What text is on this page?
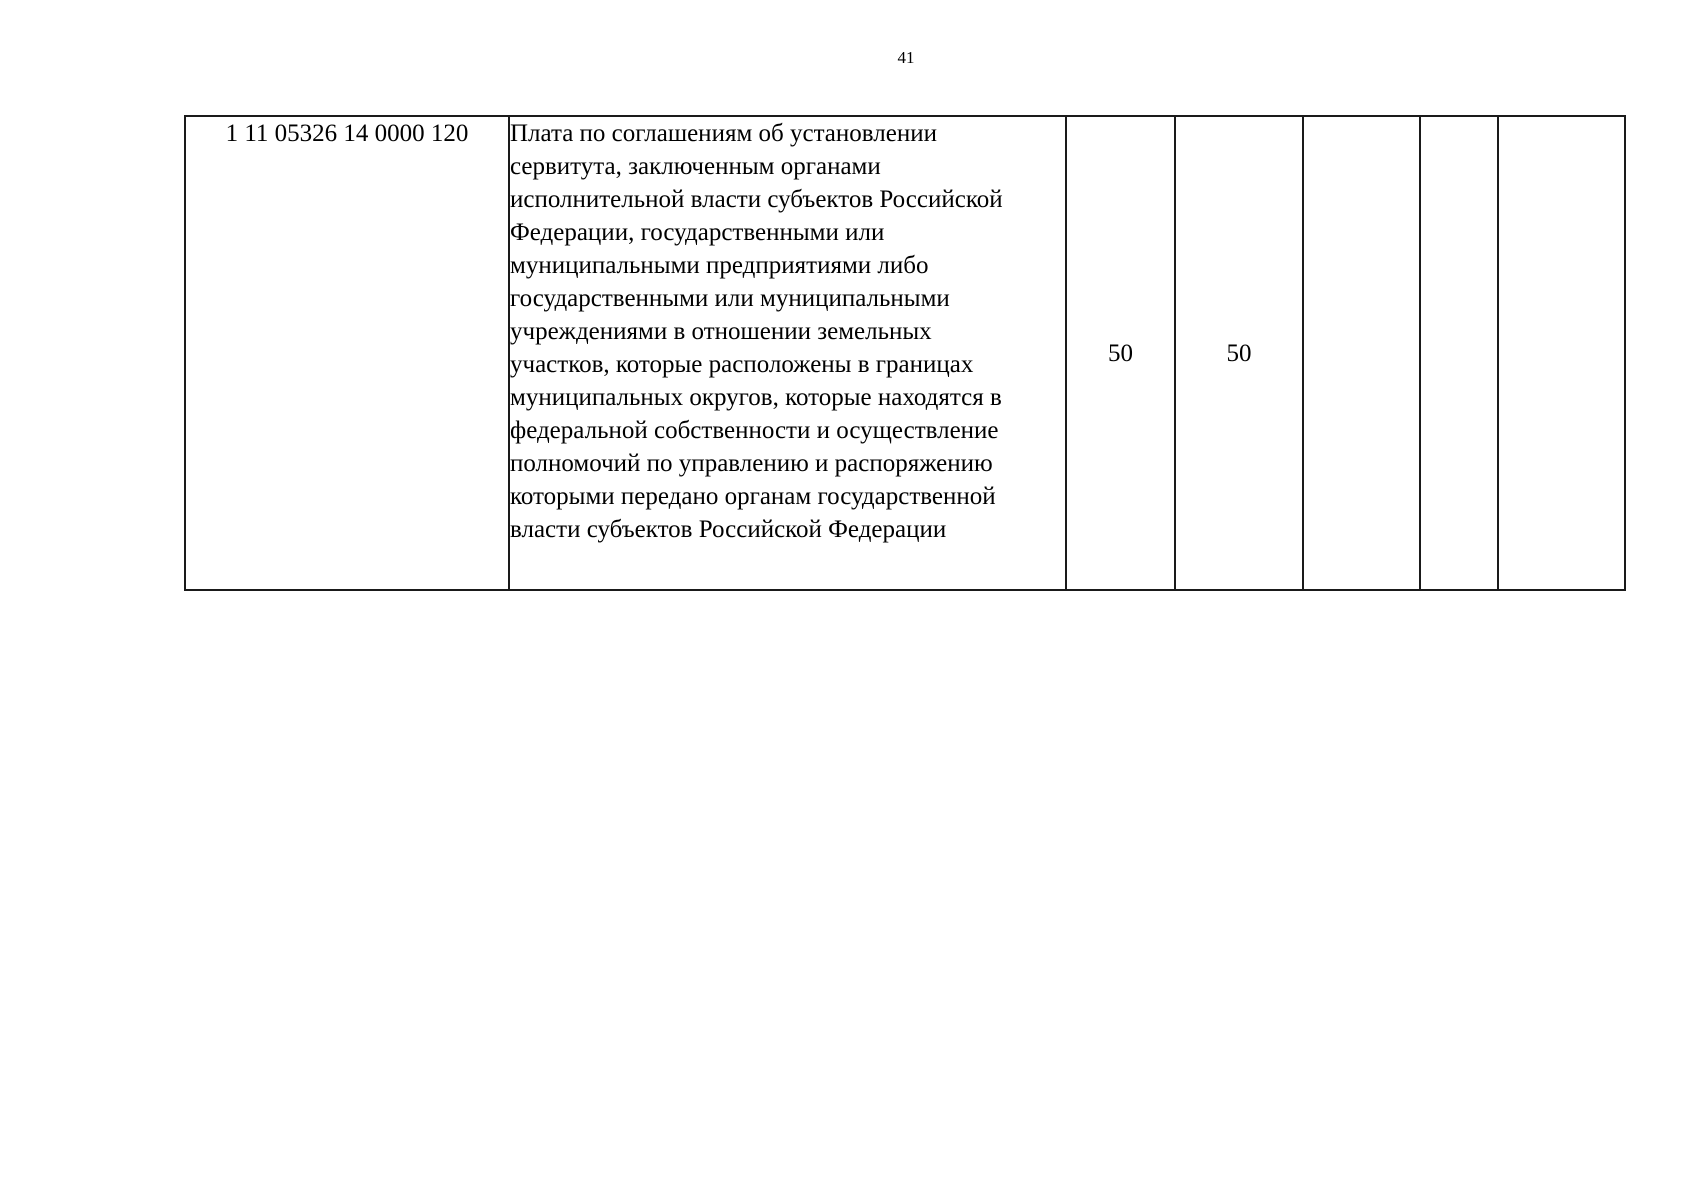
41
1 11 05326 14 0000 120	Плата по соглашениям об установлении
сервитута, заключенным органами
исполнительной власти субъектов Российской
Федерации, государственными или
муниципальными предприятиями либо
государственными или муниципальными
учреждениями в отношении земельных
участков, которые расположены в границах
муниципальных округов, которые находятся в
федеральной собственности и осуществление
полномочий по управлению и распоряжению
которыми передано органам государственной
власти субъектов Российской Федерации
	50	50			
